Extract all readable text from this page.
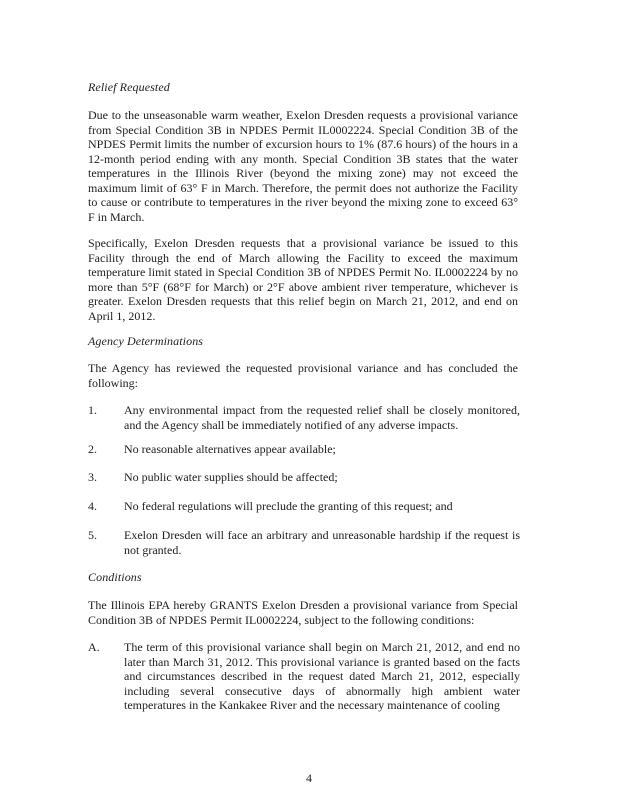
Relief Requested
Due to the unseasonable warm weather, Exelon Dresden requests a provisional variance from Special Condition 3B in NPDES Permit IL0002224. Special Condition 3B of the NPDES Permit limits the number of excursion hours to 1% (87.6 hours) of the hours in a 12-month period ending with any month. Special Condition 3B states that the water temperatures in the Illinois River (beyond the mixing zone) may not exceed the maximum limit of 63° F in March. Therefore, the permit does not authorize the Facility to cause or contribute to temperatures in the river beyond the mixing zone to exceed 63° F in March.
Specifically, Exelon Dresden requests that a provisional variance be issued to this Facility through the end of March allowing the Facility to exceed the maximum temperature limit stated in Special Condition 3B of NPDES Permit No. IL0002224 by no more than 5°F (68°F for March) or 2°F above ambient river temperature, whichever is greater. Exelon Dresden requests that this relief begin on March 21, 2012, and end on April 1, 2012.
Agency Determinations
The Agency has reviewed the requested provisional variance and has concluded the following:
1.	Any environmental impact from the requested relief shall be closely monitored, and the Agency shall be immediately notified of any adverse impacts.
2.	No reasonable alternatives appear available;
3.	No public water supplies should be affected;
4.	No federal regulations will preclude the granting of this request; and
5.	Exelon Dresden will face an arbitrary and unreasonable hardship if the request is not granted.
Conditions
The Illinois EPA hereby GRANTS Exelon Dresden a provisional variance from Special Condition 3B of NPDES Permit IL0002224, subject to the following conditions:
A.	The term of this provisional variance shall begin on March 21, 2012, and end no later than March 31, 2012. This provisional variance is granted based on the facts and circumstances described in the request dated March 21, 2012, especially including several consecutive days of abnormally high ambient water temperatures in the Kankakee River and the necessary maintenance of cooling
4
